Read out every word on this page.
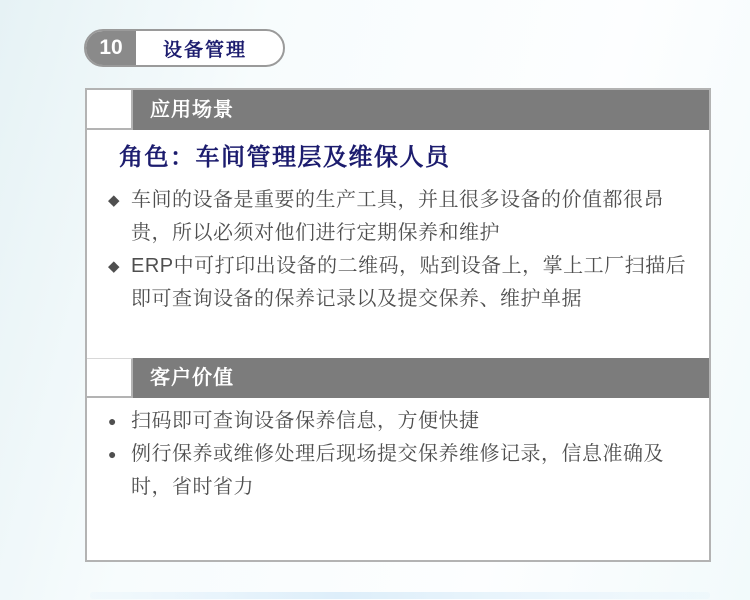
10	设备管理
应用场景
角色：车间管理层及维保人员
◆ 车间的设备是重要的生产工具，并且很多设备的价值都很昂贵，所以必须对他们进行定期保养和维护
◆ ERP中可打印出设备的二维码，贴到设备上，掌上工厂扫描后即可查询设备的保养记录以及提交保养、维护单据
客户价值
● 扫码即可查询设备保养信息，方便快捷
● 例行保养或维修处理后现场提交保养维修记录，信息准确及时，省时省力
